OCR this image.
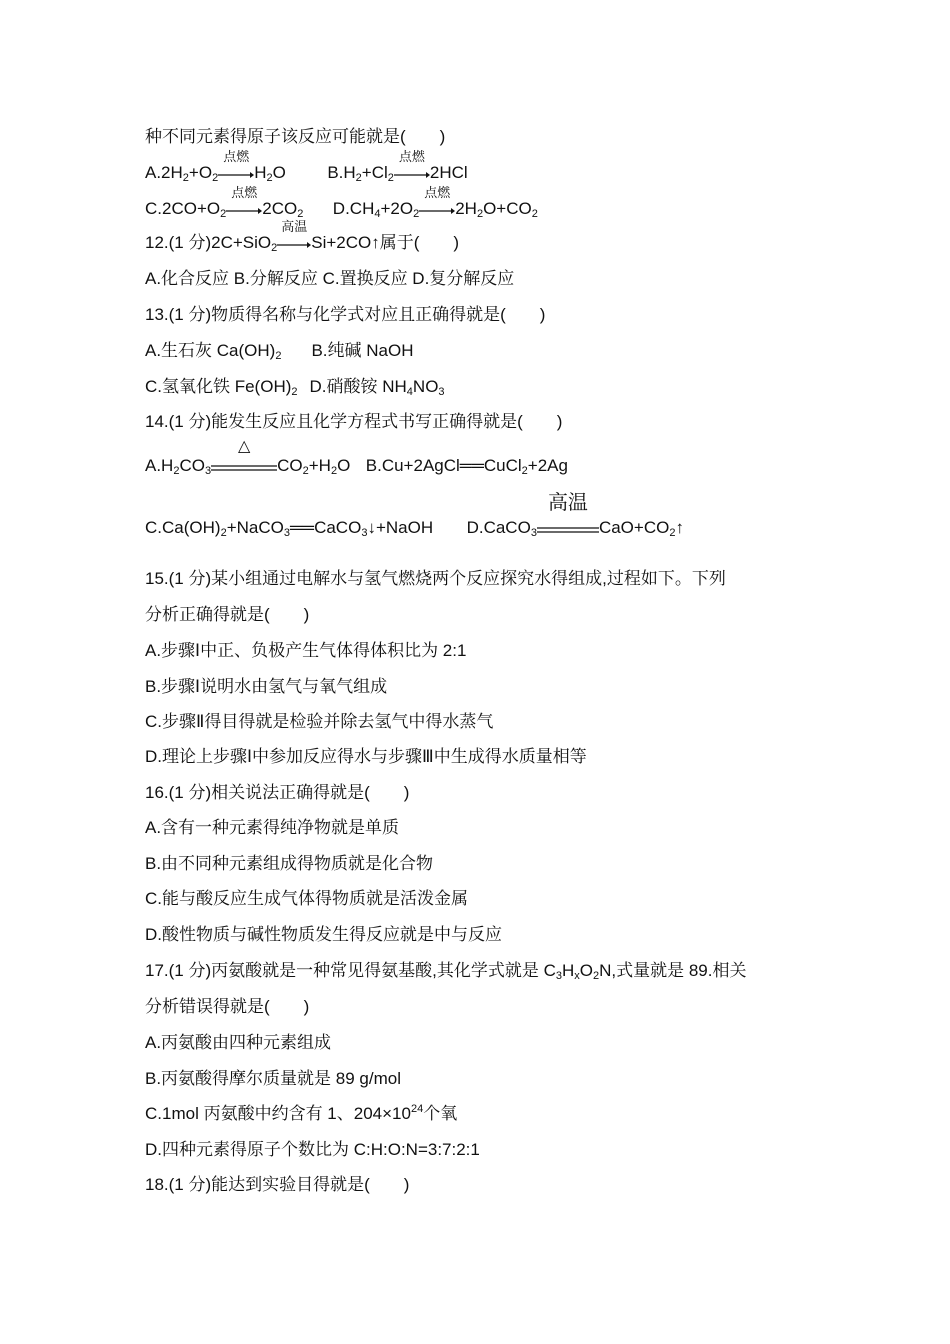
种不同元素得原子该反应可能就是(　　)
$A.2H_2+O_2$
点燃

$H_2O$ $B.H_2+Cl_2$
点燃

2HCl
$C.2CO+O_2$
点燃

$2CO_2$ $D.CH_4+2O_2$
点燃

$2H_2O+CO_2$
12.(1 分)2C+SiO$_2$
高温

Si+2CO↑属于(　　)
A.化合反应 B.分解反应 C.置换反应 D.复分解反应
13.(1 分)物质得名称与化学式对应且正确得就是(　　)
A.生石灰 $Ca(OH)_2$ B.纯碱 NaOH
C.氢氧化铁 $Fe(OH)_2$ D.硝酸铵 $NH_4NO_3$
14.(1 分)能发生反应且化学方程式书写正确得就是(　　)
$A.H_2CO_3$
△

$CO_2+H_2O$ B.Cu+2AgCl══CuCl$_2$+2Ag
$C.Ca(OH)_2+NaCO_3══CaCO_3↓+NaOH$ D.CaCO$_3$
高温

$CaO+CO_2↑$
15.(1 分)某小组通过电解水与氢气燃烧两个反应探究水得组成,过程如下。下列
分析正确得就是(　　)
A.步骤Ⅰ中正、负极产生气体得体积比为 2:1
B.步骤Ⅰ说明水由氢气与氧气组成
C.步骤Ⅱ得目得就是检验并除去氢气中得水蒸气
D.理论上步骤Ⅰ中参加反应得水与步骤Ⅲ中生成得水质量相等
16.(1 分)相关说法正确得就是(　　)
A.含有一种元素得纯净物就是单质
B.由不同种元素组成得物质就是化合物
C.能与酸反应生成气体得物质就是活泼金属
D.酸性物质与碱性物质发生得反应就是中与反应
17.(1 分)丙氨酸就是一种常见得氨基酸,其化学式就是 $C_3H_xO_2N$,式量就是 89.相关
分析错误得就是(　　)
A.丙氨酸由四种元素组成
B.丙氨酸得摩尔质量就是 89 g/mol
C.1mol 丙氨酸中约含有 1、$204\times 10^{24}$个氧
D.四种元素得原子个数比为 C:H:O:N=3:7:2:1
18.(1 分)能达到实验目得就是(　　)
